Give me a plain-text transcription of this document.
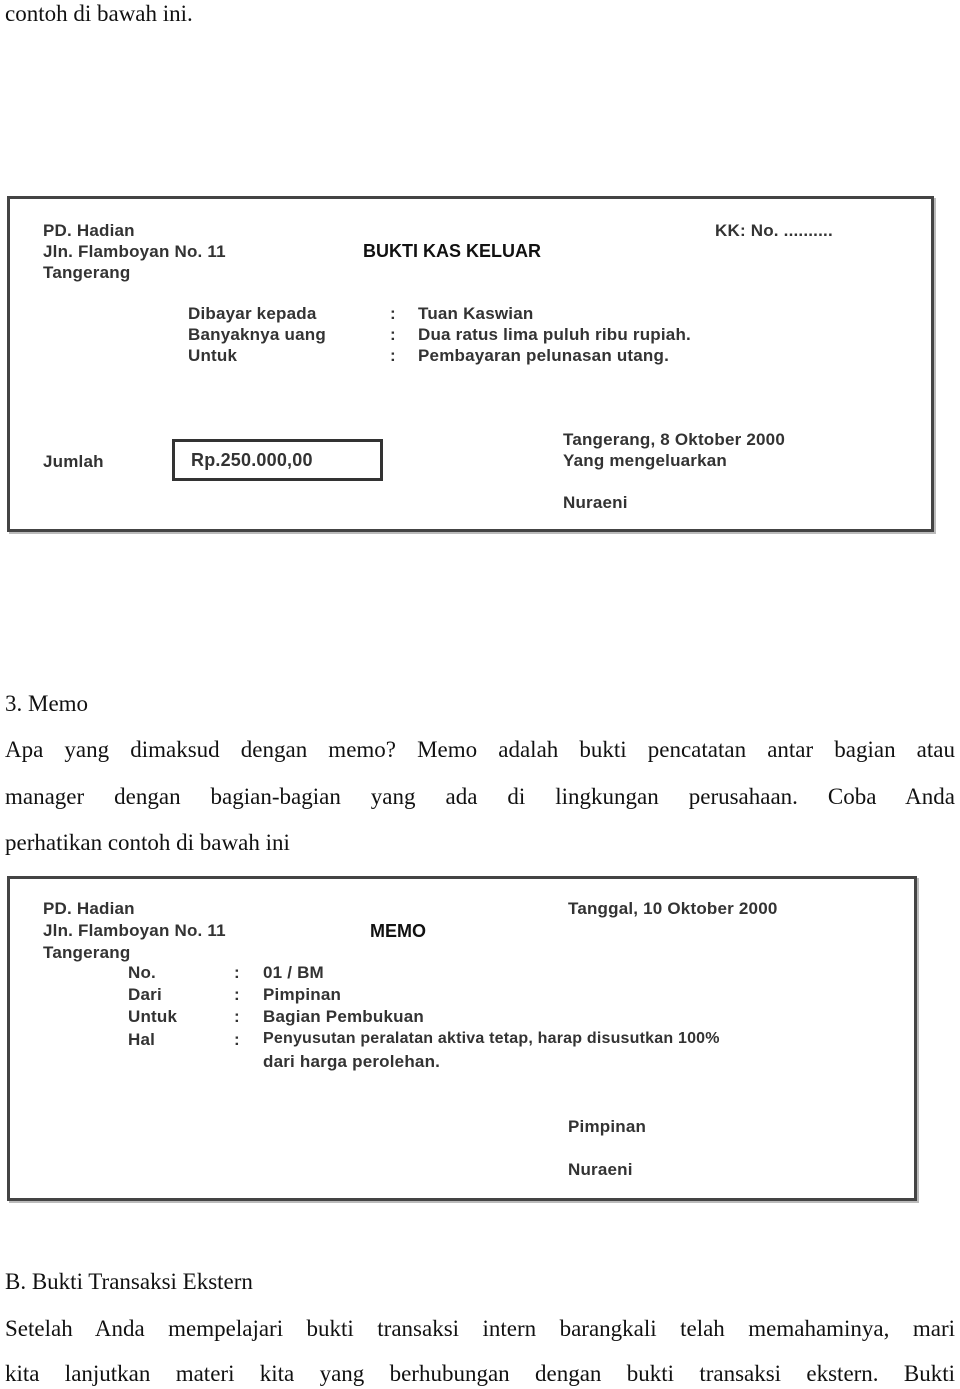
contoh di bawah ini.
PD. Hadian
Jln. Flamboyan No. 11
Tangerang
BUKTI KAS KELUAR
KK: No. ..........
Dibayar kepada	: Tuan Kaswian
Banyaknya uang	: Dua ratus lima puluh ribu rupiah.
Untuk	: Pembayaran pelunasan utang.
Jumlah	Rp.250.000,00
Tangerang, 8 Oktober 2000
Yang mengeluarkan
Nuraeni
3. Memo
Apa yang dimaksud dengan memo? Memo adalah bukti pencatatan antar bagian atau
manager dengan bagian-bagian yang ada di lingkungan perusahaan. Coba Anda
perhatikan contoh di bawah ini
PD. Hadian
Jln. Flamboyan No. 11
Tangerang
MEMO
Tanggal, 10 Oktober 2000
No.	: 01 / BM
Dari	: Pimpinan
Untuk	: Bagian Pembukuan
Hal	: Penyusutan peralatan aktiva tetap, harap disusutkan 100%
dari harga perolehan.
Pimpinan
Nuraeni
B. Bukti Transaksi Ekstern
Setelah Anda mempelajari bukti transaksi intern barangkali telah memahaminya, mari
kita lanjutkan materi kita yang berhubungan dengan bukti transaksi ekstern. Bukti
